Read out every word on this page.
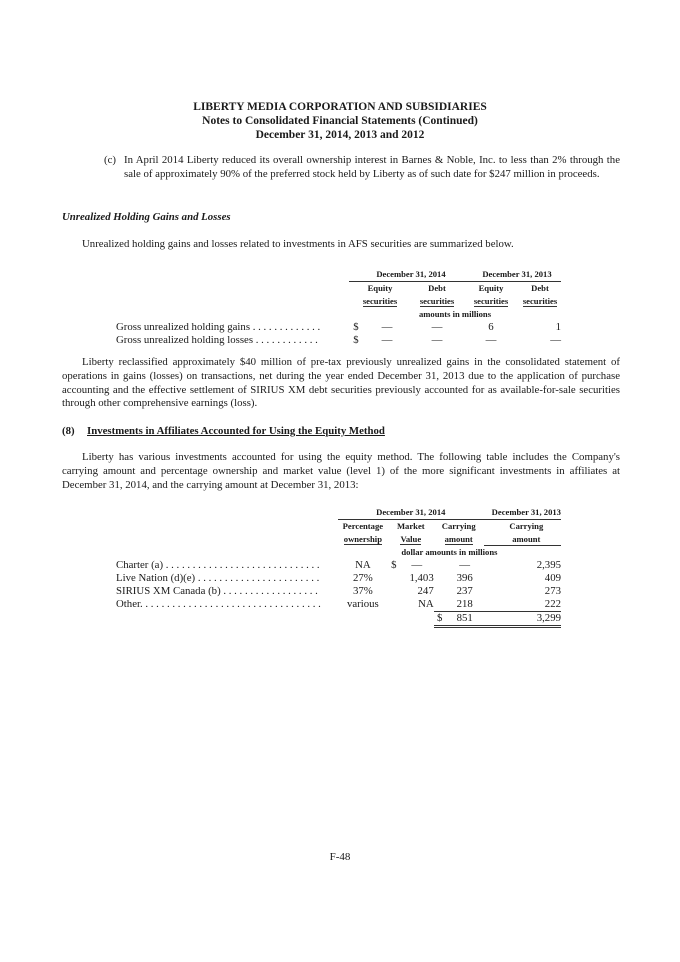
LIBERTY MEDIA CORPORATION AND SUBSIDIARIES
Notes to Consolidated Financial Statements (Continued)
December 31, 2014, 2013 and 2012
(c) In April 2014 Liberty reduced its overall ownership interest in Barnes & Noble, Inc. to less than 2% through the sale of approximately 90% of the preferred stock held by Liberty as of such date for $247 million in proceeds.
Unrealized Holding Gains and Losses
Unrealized holding gains and losses related to investments in AFS securities are summarized below.
	December 31, 2014			December 31, 2013	
	Equity		Debt	Equity	Debt
	securities		securities	securities	securities
	amounts in millions				
Gross unrealized holding gains . . . . . . . . . . . . .	$	—	—	6	1
Gross unrealized holding losses . . . . . . . . . . . .	$	—	—	—	—
Liberty reclassified approximately $40 million of pre-tax previously unrealized gains in the consolidated statement of operations in gains (losses) on transactions, net during the year ended December 31, 2013 due to the application of purchase accounting and the effective settlement of SIRIUS XM debt securities previously accounted for as available-for-sale securities through other comprehensive earnings (loss).
(8) Investments in Affiliates Accounted for Using the Equity Method
Liberty has various investments accounted for using the equity method. The following table includes the Company's carrying amount and percentage ownership and market value (level 1) of the more significant investments in affiliates at December 31, 2014, and the carrying amount at December 31, 2013:
	December 31, 2014					December 31, 2013
	Percentage	Market		Carrying		Carrying
	ownership	Value		amount		amount
	dollar amounts in millions					
Charter (a) . . . . . . . . . . . . . . . . . . . . . . . . . . . . .	NA	$	—		—	2,395
Live Nation (d)(e) . . . . . . . . . . . . . . . . . . . . . . .	27%		1,403		396	409
SIRIUS XM Canada (b) . . . . . . . . . . . . . . . . . .	37%		247		237	273
Other. . . . . . . . . . . . . . . . . . . . . . . . . . . . . . . . . .	various		NA		218	222
				$	851	3,299
F-48
